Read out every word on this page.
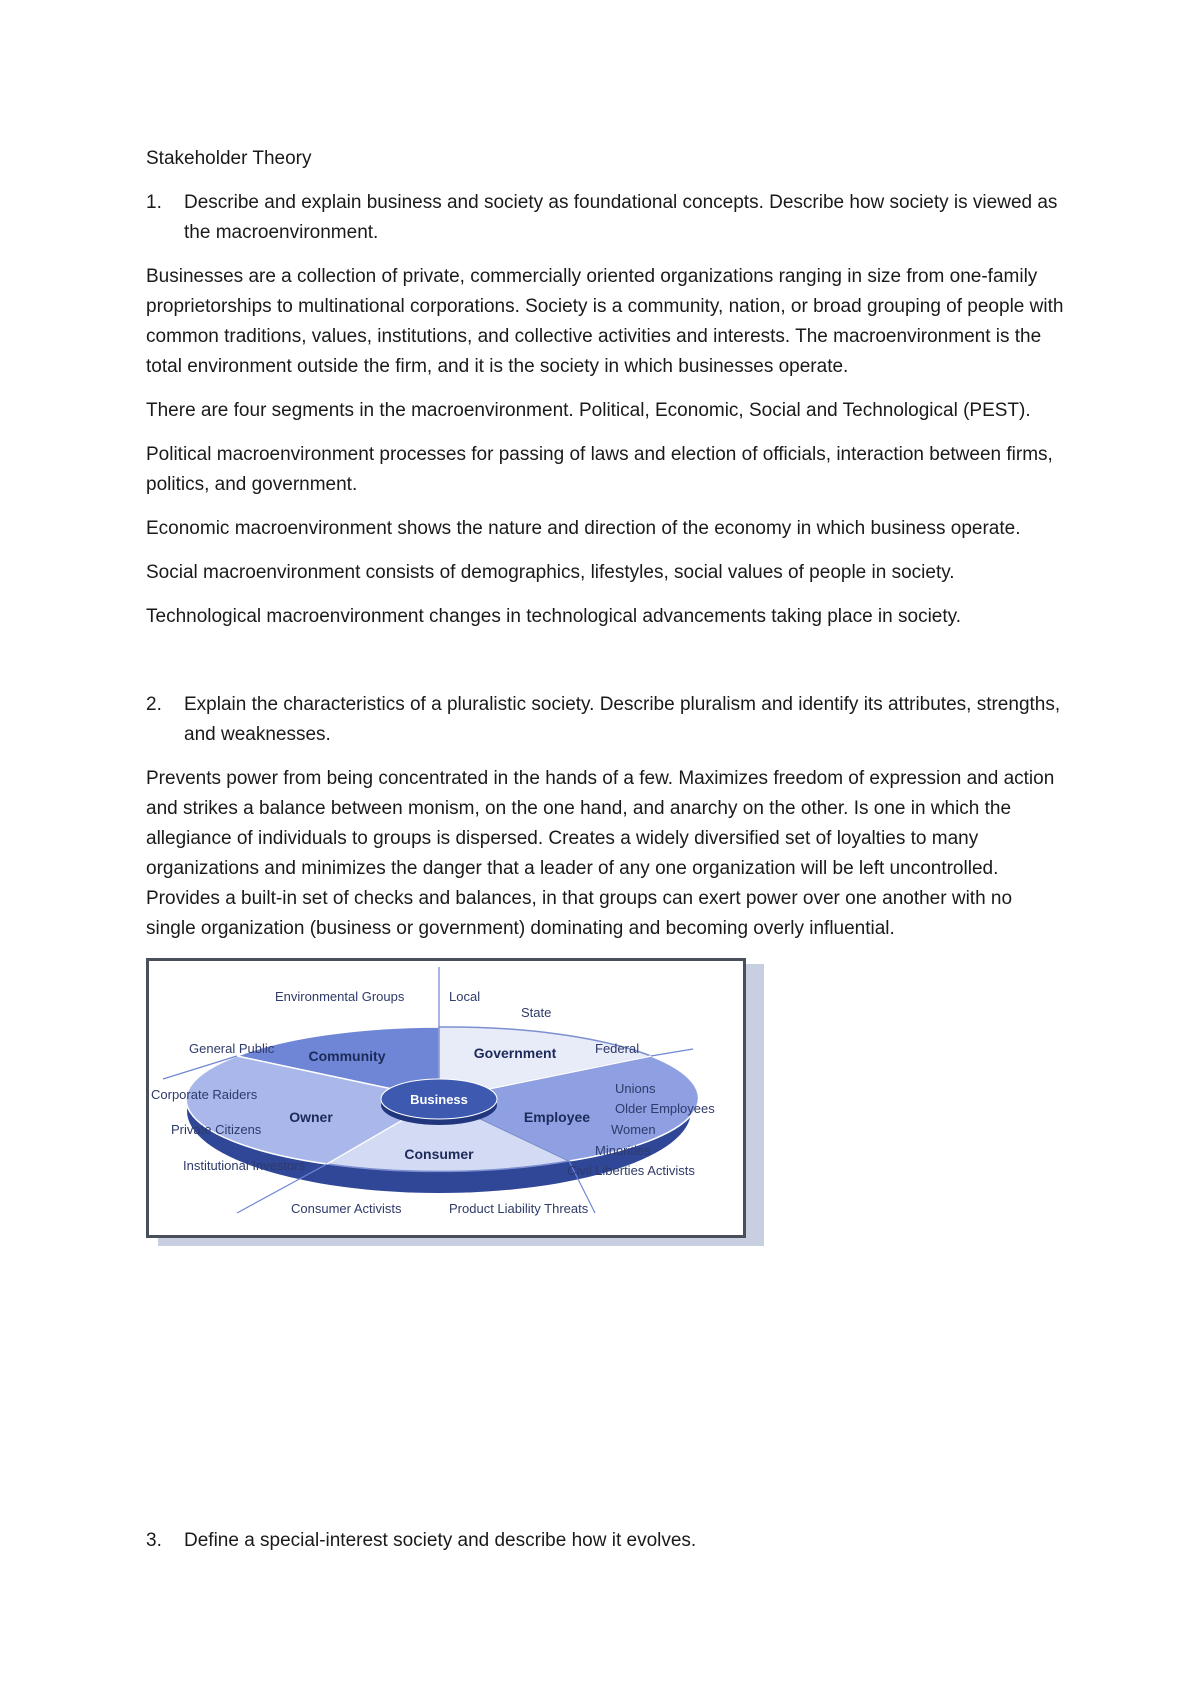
Stakeholder Theory
1. Describe and explain business and society as foundational concepts. Describe how society is viewed as the macroenvironment.

Businesses are a collection of private, commercially oriented organizations ranging in size from one-family proprietorships to multinational corporations. Society is a community, nation, or broad grouping of people with common traditions, values, institutions, and collective activities and interests. The macroenvironment is the total environment outside the firm, and it is the society in which businesses operate.

There are four segments in the macroenvironment. Political, Economic, Social and Technological (PEST).

Political macroenvironment processes for passing of laws and election of officials, interaction between firms, politics, and government.

Economic macroenvironment shows the nature and direction of the economy in which business operate.

Social macroenvironment consists of demographics, lifestyles, social values of people in society.

Technological macroenvironment changes in technological advancements taking place in society.

2. Explain the characteristics of a pluralistic society. Describe pluralism and identify its attributes, strengths, and weaknesses.

Prevents power from being concentrated in the hands of a few. Maximizes freedom of expression and action and strikes a balance between monism, on the one hand, and anarchy on the other. Is one in which the allegiance of individuals to groups is dispersed. Creates a widely diversified set of loyalties to many organizations and minimizes the danger that a leader of any one organization will be left uncontrolled. Provides a built-in set of checks and balances, in that groups can exert power over one another with no single organization (business or government) dominating and becoming overly influential.

Business
Community	Government
Employee
Consumer
Owner
Environmental Groups	Local
State
Federal
General Public
Corporate Raiders
Private Citizens
Institutional Investors
Unions
Older Employees
Women
Minorities
Civil Liberties Activists
Consumer Activists	Product Liability Threats
3. Define a special-interest society and describe how it evolves.
